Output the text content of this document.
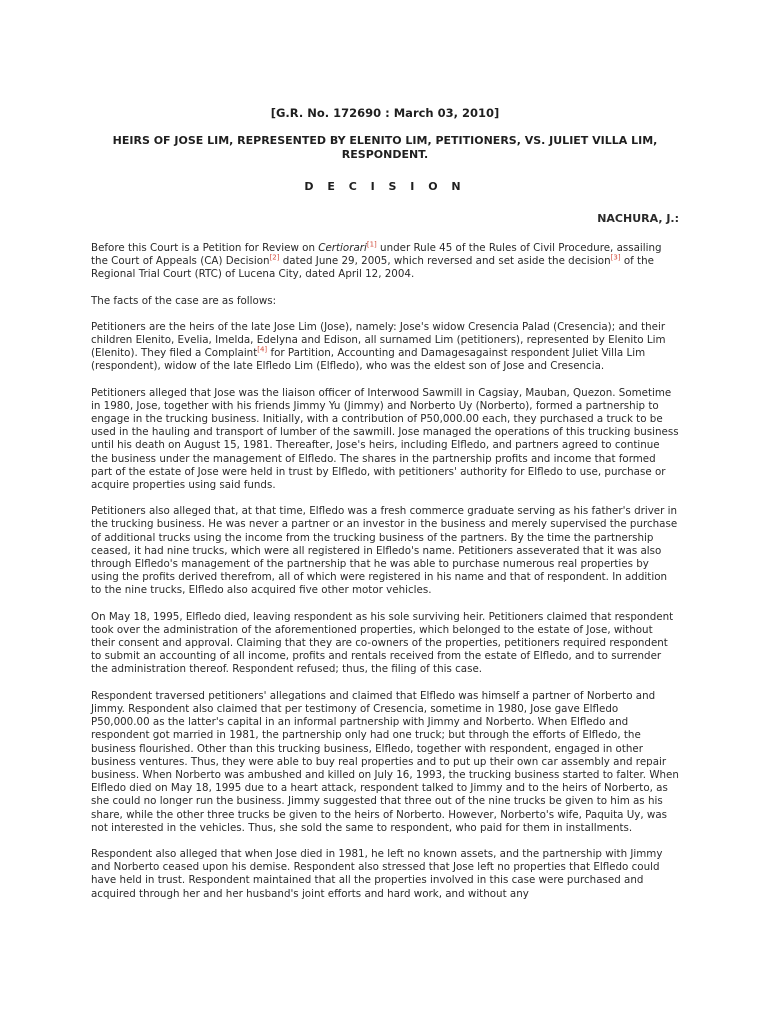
[G.R. No. 172690 : March 03, 2010]
HEIRS OF JOSE LIM, REPRESENTED BY ELENITO LIM, PETITIONERS, VS. JULIET VILLA LIM, RESPONDENT.
D E C I S I O N
NACHURA, J.:

Before this Court is a Petition for Review on Certiorari[1] under Rule 45 of the Rules of Civil Procedure, assailing the Court of Appeals (CA) Decision[2] dated June 29, 2005, which reversed and set aside the decision[3] of the Regional Trial Court (RTC) of Lucena City, dated April 12, 2004.

The facts of the case are as follows:

Petitioners are the heirs of the late Jose Lim (Jose), namely: Jose's widow Cresencia Palad (Cresencia); and their children Elenito, Evelia, Imelda, Edelyna and Edison, all surnamed Lim (petitioners), represented by Elenito Lim (Elenito). They filed a Complaint[4] for Partition, Accounting and Damagesagainst respondent Juliet Villa Lim (respondent), widow of the late Elfledo Lim (Elfledo), who was the eldest son of Jose and Cresencia.

Petitioners alleged that Jose was the liaison officer of Interwood Sawmill in Cagsiay, Mauban, Quezon. Sometime in 1980, Jose, together with his friends Jimmy Yu (Jimmy) and Norberto Uy (Norberto), formed a partnership to engage in the trucking business. Initially, with a contribution of P50,000.00 each, they purchased a truck to be used in the hauling and transport of lumber of the sawmill. Jose managed the operations of this trucking business until his death on August 15, 1981. Thereafter, Jose's heirs, including Elfledo, and partners agreed to continue the business under the management of Elfledo. The shares in the partnership profits and income that formed part of the estate of Jose were held in trust by Elfledo, with petitioners' authority for Elfledo to use, purchase or acquire properties using said funds.

Petitioners also alleged that, at that time, Elfledo was a fresh commerce graduate serving as his father's driver in the trucking business. He was never a partner or an investor in the business and merely supervised the purchase of additional trucks using the income from the trucking business of the partners. By the time the partnership ceased, it had nine trucks, which were all registered in Elfledo's name. Petitioners asseverated that it was also through Elfledo's management of the partnership that he was able to purchase numerous real properties by using the profits derived therefrom, all of which were registered in his name and that of respondent. In addition to the nine trucks, Elfledo also acquired five other motor vehicles.

On May 18, 1995, Elfledo died, leaving respondent as his sole surviving heir. Petitioners claimed that respondent took over the administration of the aforementioned properties, which belonged to the estate of Jose, without their consent and approval. Claiming that they are co-owners of the properties, petitioners required respondent to submit an accounting of all income, profits and rentals received from the estate of Elfledo, and to surrender the administration thereof. Respondent refused; thus, the filing of this case.

Respondent traversed petitioners' allegations and claimed that Elfledo was himself a partner of Norberto and Jimmy. Respondent also claimed that per testimony of Cresencia, sometime in 1980, Jose gave Elfledo P50,000.00 as the latter's capital in an informal partnership with Jimmy and Norberto. When Elfledo and respondent got married in 1981, the partnership only had one truck; but through the efforts of Elfledo, the business flourished. Other than this trucking business, Elfledo, together with respondent, engaged in other business ventures. Thus, they were able to buy real properties and to put up their own car assembly and repair business. When Norberto was ambushed and killed on July 16, 1993, the trucking business started to falter. When Elfledo died on May 18, 1995 due to a heart attack, respondent talked to Jimmy and to the heirs of Norberto, as she could no longer run the business. Jimmy suggested that three out of the nine trucks be given to him as his share, while the other three trucks be given to the heirs of Norberto. However, Norberto's wife, Paquita Uy, was not interested in the vehicles. Thus, she sold the same to respondent, who paid for them in installments.

Respondent also alleged that when Jose died in 1981, he left no known assets, and the partnership with Jimmy and Norberto ceased upon his demise. Respondent also stressed that Jose left no properties that Elfledo could have held in trust. Respondent maintained that all the properties involved in this case were purchased and acquired through her and her husband's joint efforts and hard work, and without any
